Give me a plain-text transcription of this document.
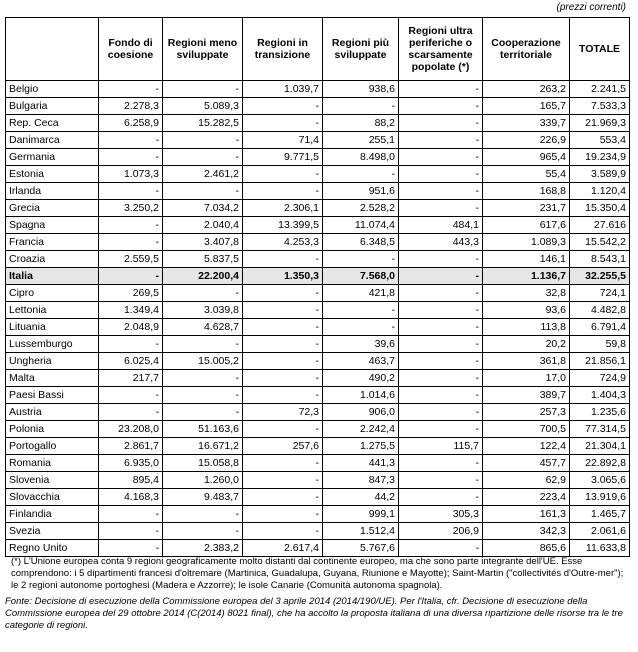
(prezzi correnti)
	Fondo di coesione	Regioni meno sviluppate	Regioni in transizione	Regioni più sviluppate	Regioni ultra periferiche o scarsamente popolate (*)	Cooperazione territoriale	TOTALE
Belgio	-	-	1.039,7	938,6	-	263,2	2.241,5
Bulgaria	2.278,3	5.089,3	-	-	-	165,7	7.533,3
Rep. Ceca	6.258,9	15.282,5	-	88,2	-	339,7	21.969,3
Danimarca	-	-	71,4	255,1	-	226,9	553,4
Germania	-	-	9.771,5	8.498,0	-	965,4	19.234,9
Estonia	1.073,3	2.461,2	-	-	-	55,4	3.589,9
Irlanda	-	-	-	951,6	-	168,8	1.120,4
Grecia	3.250,2	7.034,2	2.306,1	2.528,2	-	231,7	15.350,4
Spagna	-	2.040,4	13.399,5	11.074,4	484,1	617,6	27.616
Francia	-	3.407,8	4.253,3	6.348,5	443,3	1.089,3	15.542,2
Croazia	2.559,5	5.837,5	-	-	-	146,1	8.543,1
Italia	-	22.200,4	1.350,3	7.568,0	-	1.136,7	32.255,5
Cipro	269,5	-	-	421,8	-	32,8	724,1
Lettonia	1.349,4	3.039,8	-	-	-	93,6	4.482,8
Lituania	2.048,9	4.628,7	-	-	-	113,8	6.791,4
Lussemburgo	-	-	-	39,6	-	20,2	59,8
Ungheria	6.025,4	15.005,2	-	463,7	-	361,8	21.856,1
Malta	217,7	-	-	490,2	-	17,0	724,9
Paesi Bassi	-	-	-	1.014,6	-	389,7	1.404,3
Austria	-	-	72,3	906,0	-	257,3	1.235,6
Polonia	23.208,0	51.163,6	-	2.242,4	-	700,5	77.314,5
Portogallo	2.861,7	16.671,2	257,6	1.275,5	115,7	122,4	21.304,1
Romania	6.935,0	15.058,8	-	441,3	-	457,7	22.892,8
Slovenia	895,4	1.260,0	-	847,3	-	62,9	3.065,6
Slovacchia	4.168,3	9.483,7	-	44,2	-	223,4	13.919,6
Finlandia	-	-	-	999,1	305,3	161,3	1.465,7
Svezia	-	-	-	1.512,4	206,9	342,3	2.061,6
Regno Unito	-	2.383,2	2.617,4	5.767,6	-	865,6	11.633,8
(*) L'Unione europea conta 9 regioni geograficamente molto distanti dal continente europeo, ma che sono parte integrante dell'UE. Esse comprendono: i 5 dipartimenti francesi d'oltremare (Martinica, Guadalupa, Guyana, Riunione e Mayotte); Saint-Martin ("collectivités d'Outre-mer"); le 2 regioni autonome portoghesi (Madera e Azzorre); le isole Canarie (Comunità autonoma spagnola).
Fonte: Decisione di esecuzione della Commissione europea del 3 aprile 2014 (2014/190/UE). Per l'Italia, cfr. Decisione di esecuzione della Commissione europea del 29 ottobre 2014 (C(2014) 8021 final), che ha accolto la proposta italiana di una diversa ripartizione delle risorse tra le tre categorie di regioni.
